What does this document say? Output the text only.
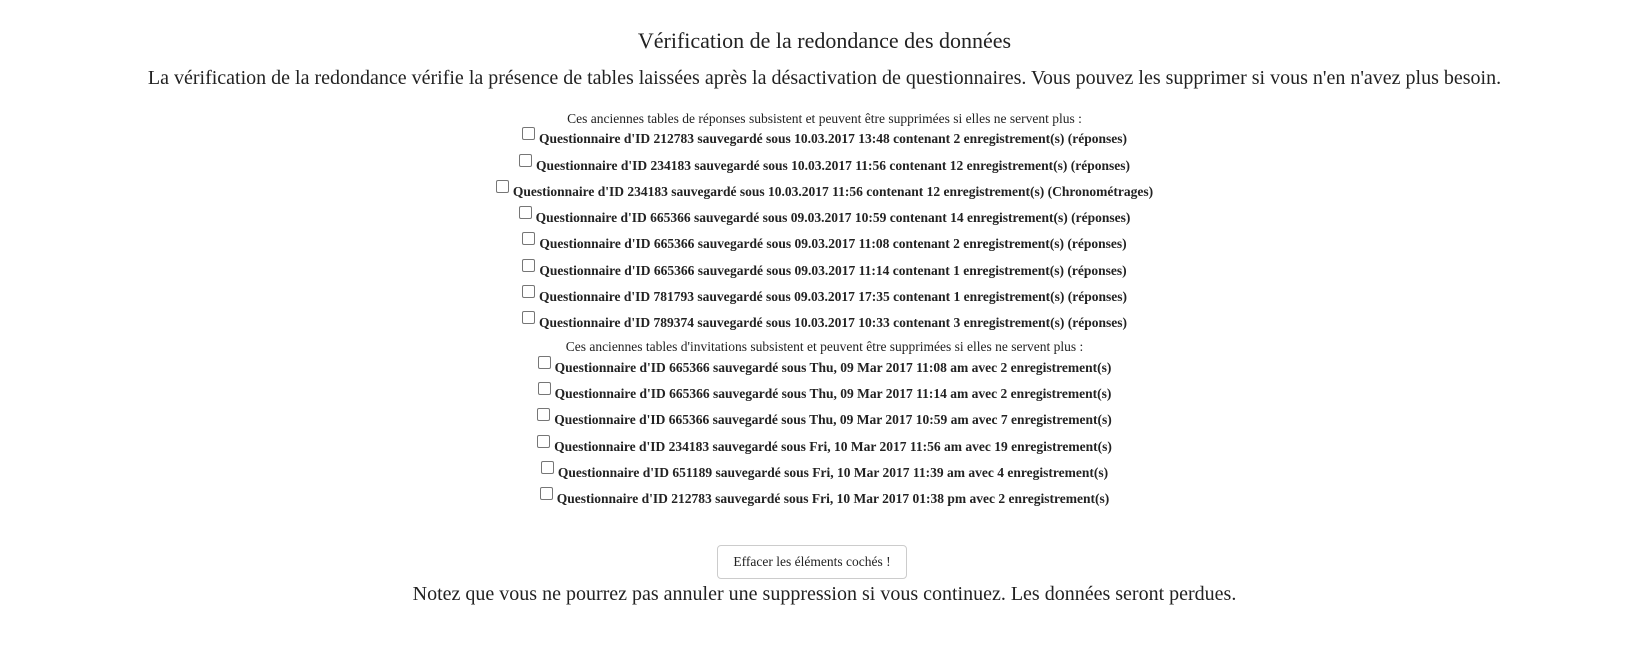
Vérification de la redondance des données
La vérification de la redondance vérifie la présence de tables laissées après la désactivation de questionnaires. Vous pouvez les supprimer si vous n'en n'avez plus besoin.
Ces anciennes tables de réponses subsistent et peuvent être supprimées si elles ne servent plus :
Questionnaire d'ID 212783 sauvegardé sous 10.03.2017 13:48 contenant 2 enregistrement(s) (réponses)
Questionnaire d'ID 234183 sauvegardé sous 10.03.2017 11:56 contenant 12 enregistrement(s) (réponses)
Questionnaire d'ID 234183 sauvegardé sous 10.03.2017 11:56 contenant 12 enregistrement(s) (Chronométrages)
Questionnaire d'ID 665366 sauvegardé sous 09.03.2017 10:59 contenant 14 enregistrement(s) (réponses)
Questionnaire d'ID 665366 sauvegardé sous 09.03.2017 11:08 contenant 2 enregistrement(s) (réponses)
Questionnaire d'ID 665366 sauvegardé sous 09.03.2017 11:14 contenant 1 enregistrement(s) (réponses)
Questionnaire d'ID 781793 sauvegardé sous 09.03.2017 17:35 contenant 1 enregistrement(s) (réponses)
Questionnaire d'ID 789374 sauvegardé sous 10.03.2017 10:33 contenant 3 enregistrement(s) (réponses)
Ces anciennes tables d'invitations subsistent et peuvent être supprimées si elles ne servent plus :
Questionnaire d'ID 665366 sauvegardé sous Thu, 09 Mar 2017 11:08 am avec 2 enregistrement(s)
Questionnaire d'ID 665366 sauvegardé sous Thu, 09 Mar 2017 11:14 am avec 2 enregistrement(s)
Questionnaire d'ID 665366 sauvegardé sous Thu, 09 Mar 2017 10:59 am avec 7 enregistrement(s)
Questionnaire d'ID 234183 sauvegardé sous Fri, 10 Mar 2017 11:56 am avec 19 enregistrement(s)
Questionnaire d'ID 651189 sauvegardé sous Fri, 10 Mar 2017 11:39 am avec 4 enregistrement(s)
Questionnaire d'ID 212783 sauvegardé sous Fri, 10 Mar 2017 01:38 pm avec 2 enregistrement(s)
Effacer les éléments cochés !
Notez que vous ne pourrez pas annuler une suppression si vous continuez. Les données seront perdues.
